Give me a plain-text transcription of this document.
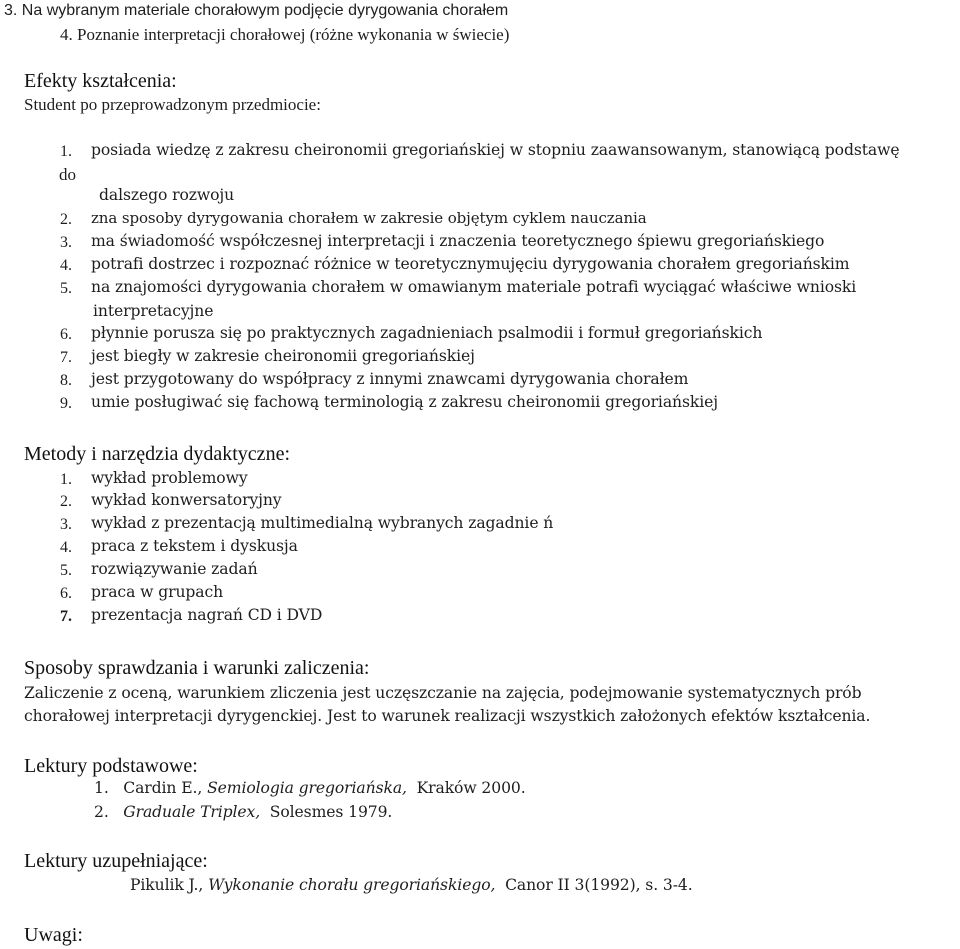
3. Na wybranym materiale chorałowym podjęcie dyrygowania chorałem
4. Poznanie interpretacji chorałowej (różne wykonania w świecie)
Efekty kształcenia:
Student po przeprowadzonym przedmiocie:
1. posiada wiedzę z zakresu cheironomii gregoriańskiej w stopniu zaawansowanym, stanowiącą podstawę
do
dalszego rozwoju
2. zna sposoby dyrygowania chorałem w zakresie objętym cyklem nauczania
3. ma świadomość współczesnej interpretacji i znaczenia teoretycznego śpiewu gregoriańskiego
4. potrafi dostrzec i rozpoznać różnice w teoretycznymujęciu dyrygowania chorałem gregoriańskim
5. na znajomości dyrygowania chorałem w omawianym materiale potrafi wyciągać właściwe wnioski
interpretacyjne
6. płynnie porusza się po praktycznych zagadnieniach psalmodii i formuł gregoriańskich
7. jest biegły w zakresie cheironomii gregoriańskiej
8. jest przygotowany do współpracy z innymi znawcami dyrygowania chorałem
9. umie posługiwać się fachową terminologią z zakresu cheironomii gregoriańskiej
Metody i narzędzia dydaktyczne:
1. wykład problemowy
2. wykład konwersatoryjny
3. wykład z prezentacją multimedialną wybranych zagadnie ń
4. praca z tekstem i dyskusja
5. rozwiązywanie zadań
6. praca w grupach
7. prezentacja nagrań CD i DVD
Sposoby sprawdzania i warunki zaliczenia:
Zaliczenie z oceną, warunkiem zliczenia jest uczęszczanie na zajęcia, podejmowanie systematycznych prób
chorałowej interpretacji dyrygenckiej. Jest to warunek realizacji wszystkich założonych efektów kształcenia.
Lektury podstawowe:
1. Cardin E., Semiologia gregoriańska, Kraków 2000.
2. Graduale Triplex, Solesmes 1979.
Lektury uzupełniające:
Pikulik J., Wykonanie chorału gregoriańskiego, Canor II 3(1992), s. 3-4.
Uwagi:
